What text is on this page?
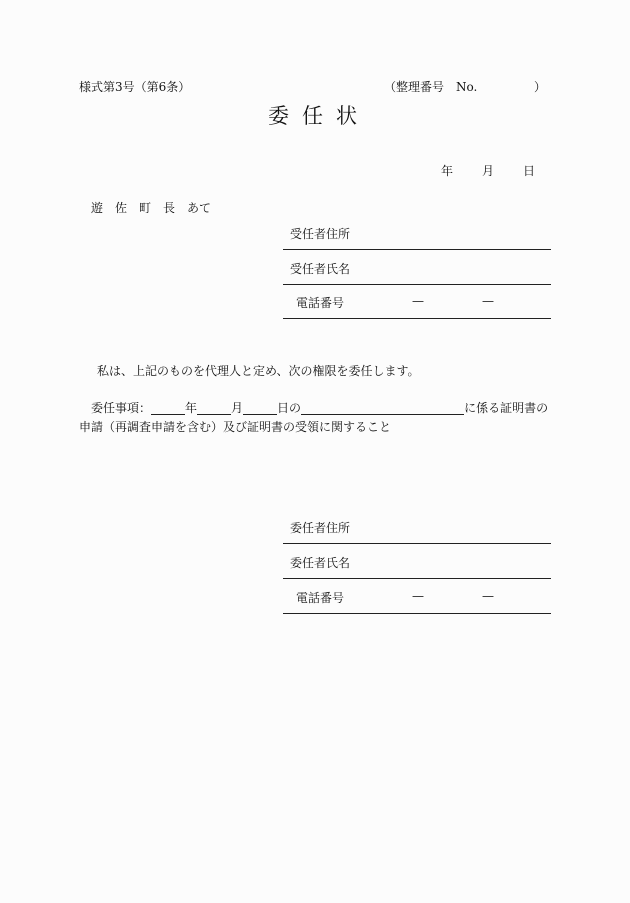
様式第3号（第6条）	（整理番号　No.	）
委任状
年 月 日
遊　佐　町　長　あて
受任者住所
受任者氏名
電話番号	—	—
私は、上記のものを代理人と定め、次の権限を委任します。
委任事項：	年	月	日の	に係る証明書の
申請（再調査申請を含む）及び証明書の受領に関すること
委任者住所
委任者氏名
電話番号	—	—
